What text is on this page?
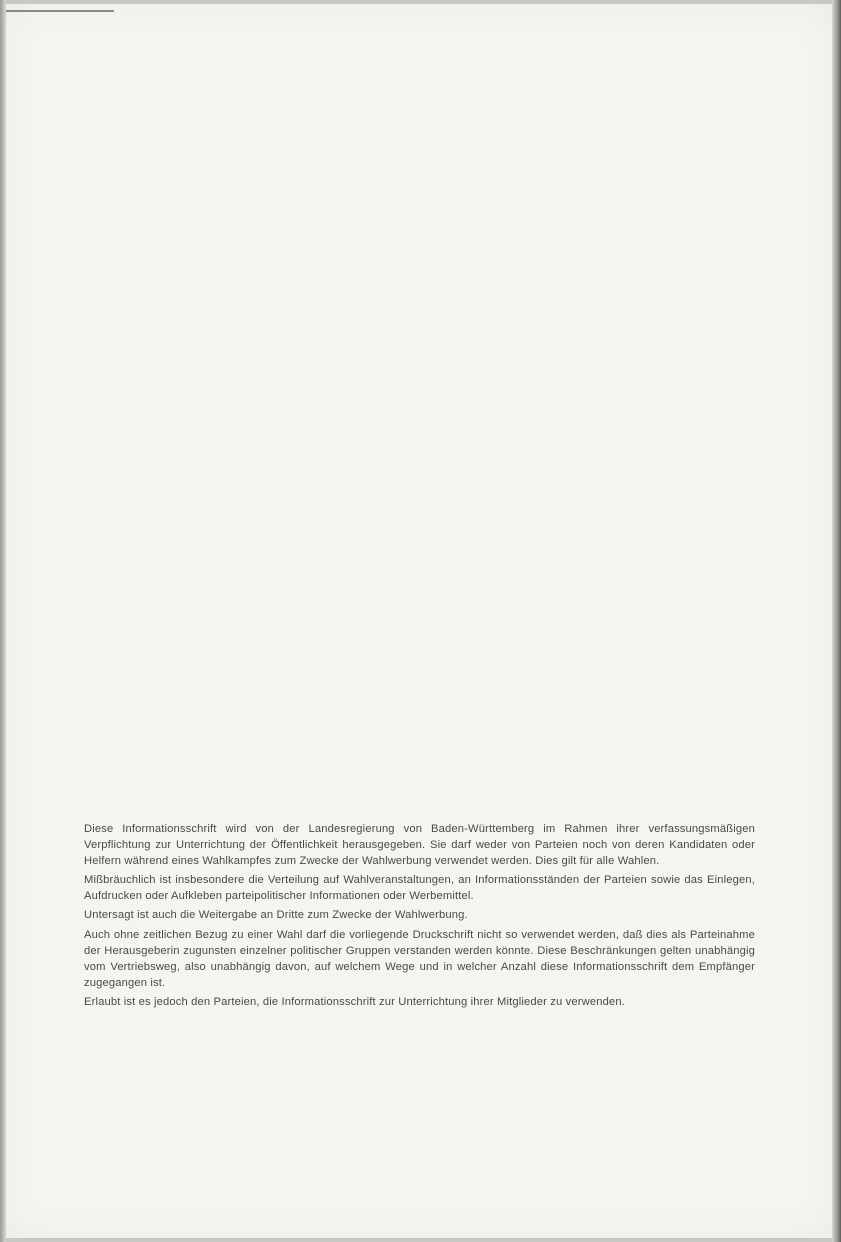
Diese Informationsschrift wird von der Landesregierung von Baden-Württemberg im Rahmen ihrer verfassungsmäßigen Verpflichtung zur Unterrichtung der Öffentlichkeit herausgegeben. Sie darf weder von Parteien noch von deren Kandidaten oder Helfern während eines Wahlkampfes zum Zwecke der Wahlwerbung verwendet werden. Dies gilt für alle Wahlen.

Mißbräuchlich ist insbesondere die Verteilung auf Wahlveranstaltungen, an Informationsständen der Parteien sowie das Einlegen, Aufdrucken oder Aufkleben parteipolitischer Informationen oder Werbemittel.

Untersagt ist auch die Weitergabe an Dritte zum Zwecke der Wahlwerbung.

Auch ohne zeitlichen Bezug zu einer Wahl darf die vorliegende Druckschrift nicht so verwendet werden, daß dies als Parteinahme der Herausgeberin zugunsten einzelner politischer Gruppen verstanden werden könnte. Diese Beschränkungen gelten unabhängig vom Vertriebsweg, also unabhängig davon, auf welchem Wege und in welcher Anzahl diese Informationsschrift dem Empfänger zugegangen ist.

Erlaubt ist es jedoch den Parteien, die Informationsschrift zur Unterrichtung ihrer Mitglieder zu verwenden.
